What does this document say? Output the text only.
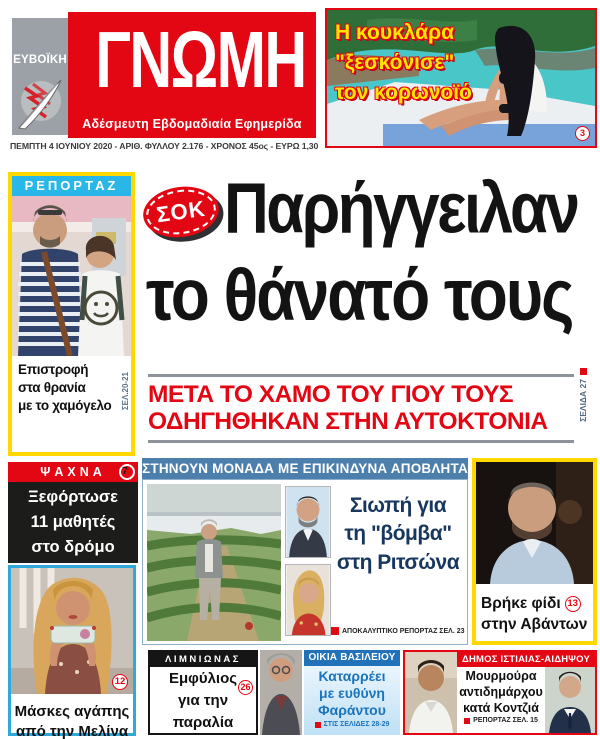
ΕΥΒΟΪΚΗ ΓΝΩΜΗ
Αδέσμευτη Εβδομαδιαία Εφημερίδα
ΠΕΜΠΤΗ 4 ΙΟΥΝΙΟΥ 2020 - ΑΡΙΘ. ΦΥΛΛΟΥ 2.176 - ΧΡΟΝΟΣ 45ος - ΕΥΡΩ 1,30
Η κουκλάρα
"ξεσκόνισε"
τον κορωνοϊό
3
ΡΕΠΟΡΤΑΖ
Επιστροφή
στα θρανία
με το χαμόγελο	ΣΕΛ.20-21
ΣΟΚ Παρήγγειλαν
το θάνατό τους
ΜΕΤΑ ΤΟ ΧΑΜΟ ΤΟΥ ΓΙΟΥ ΤΟΥΣ
ΟΔΗΓΗΘΗΚΑΝ ΣΤΗΝ ΑΥΤΟΚΤΟΝΙΑ
ΣΕΛΙΔΑ 27
ΨΑΧΝΑ	7
Ξεφόρτωσε
11 μαθητές
στο δρόμο
ΣΤΗΝΟΥΝ ΜΟΝΑΔΑ ΜΕ ΕΠΙΚΙΝΔΥΝΑ ΑΠΟΒΛΗΤΑ
Σιωπή για
τη "βόμβα"
στη Ριτσώνα
ΑΠΟΚΑΛΥΠΤΙΚΟ ΡΕΠΟΡΤΑΖ ΣΕΛ. 23
Βρήκε φίδι 13
στην Αβάντων
12
Μάσκες αγάπης
από την Μελίνα
ΛΙΜΝΙΩΝΑΣ
Εμφύλιος
για την
παραλία
26
ΟΙΚΙΑ ΒΑΣΙΛΕΙΟΥ
Καταρρέει
με ευθύνη
Φαράντου
ΣΤΙΣ ΣΕΛΙΔΕΣ 28-29
ΔΗΜΟΣ ΙΣΤΙΑΙΑΣ-ΑΙΔΗΨΟΥ
Μουρμούρα
αντιδημάρχου
κατά Κοντζιά
ΡΕΠΟΡΤΑΖ ΣΕΛ. 15
